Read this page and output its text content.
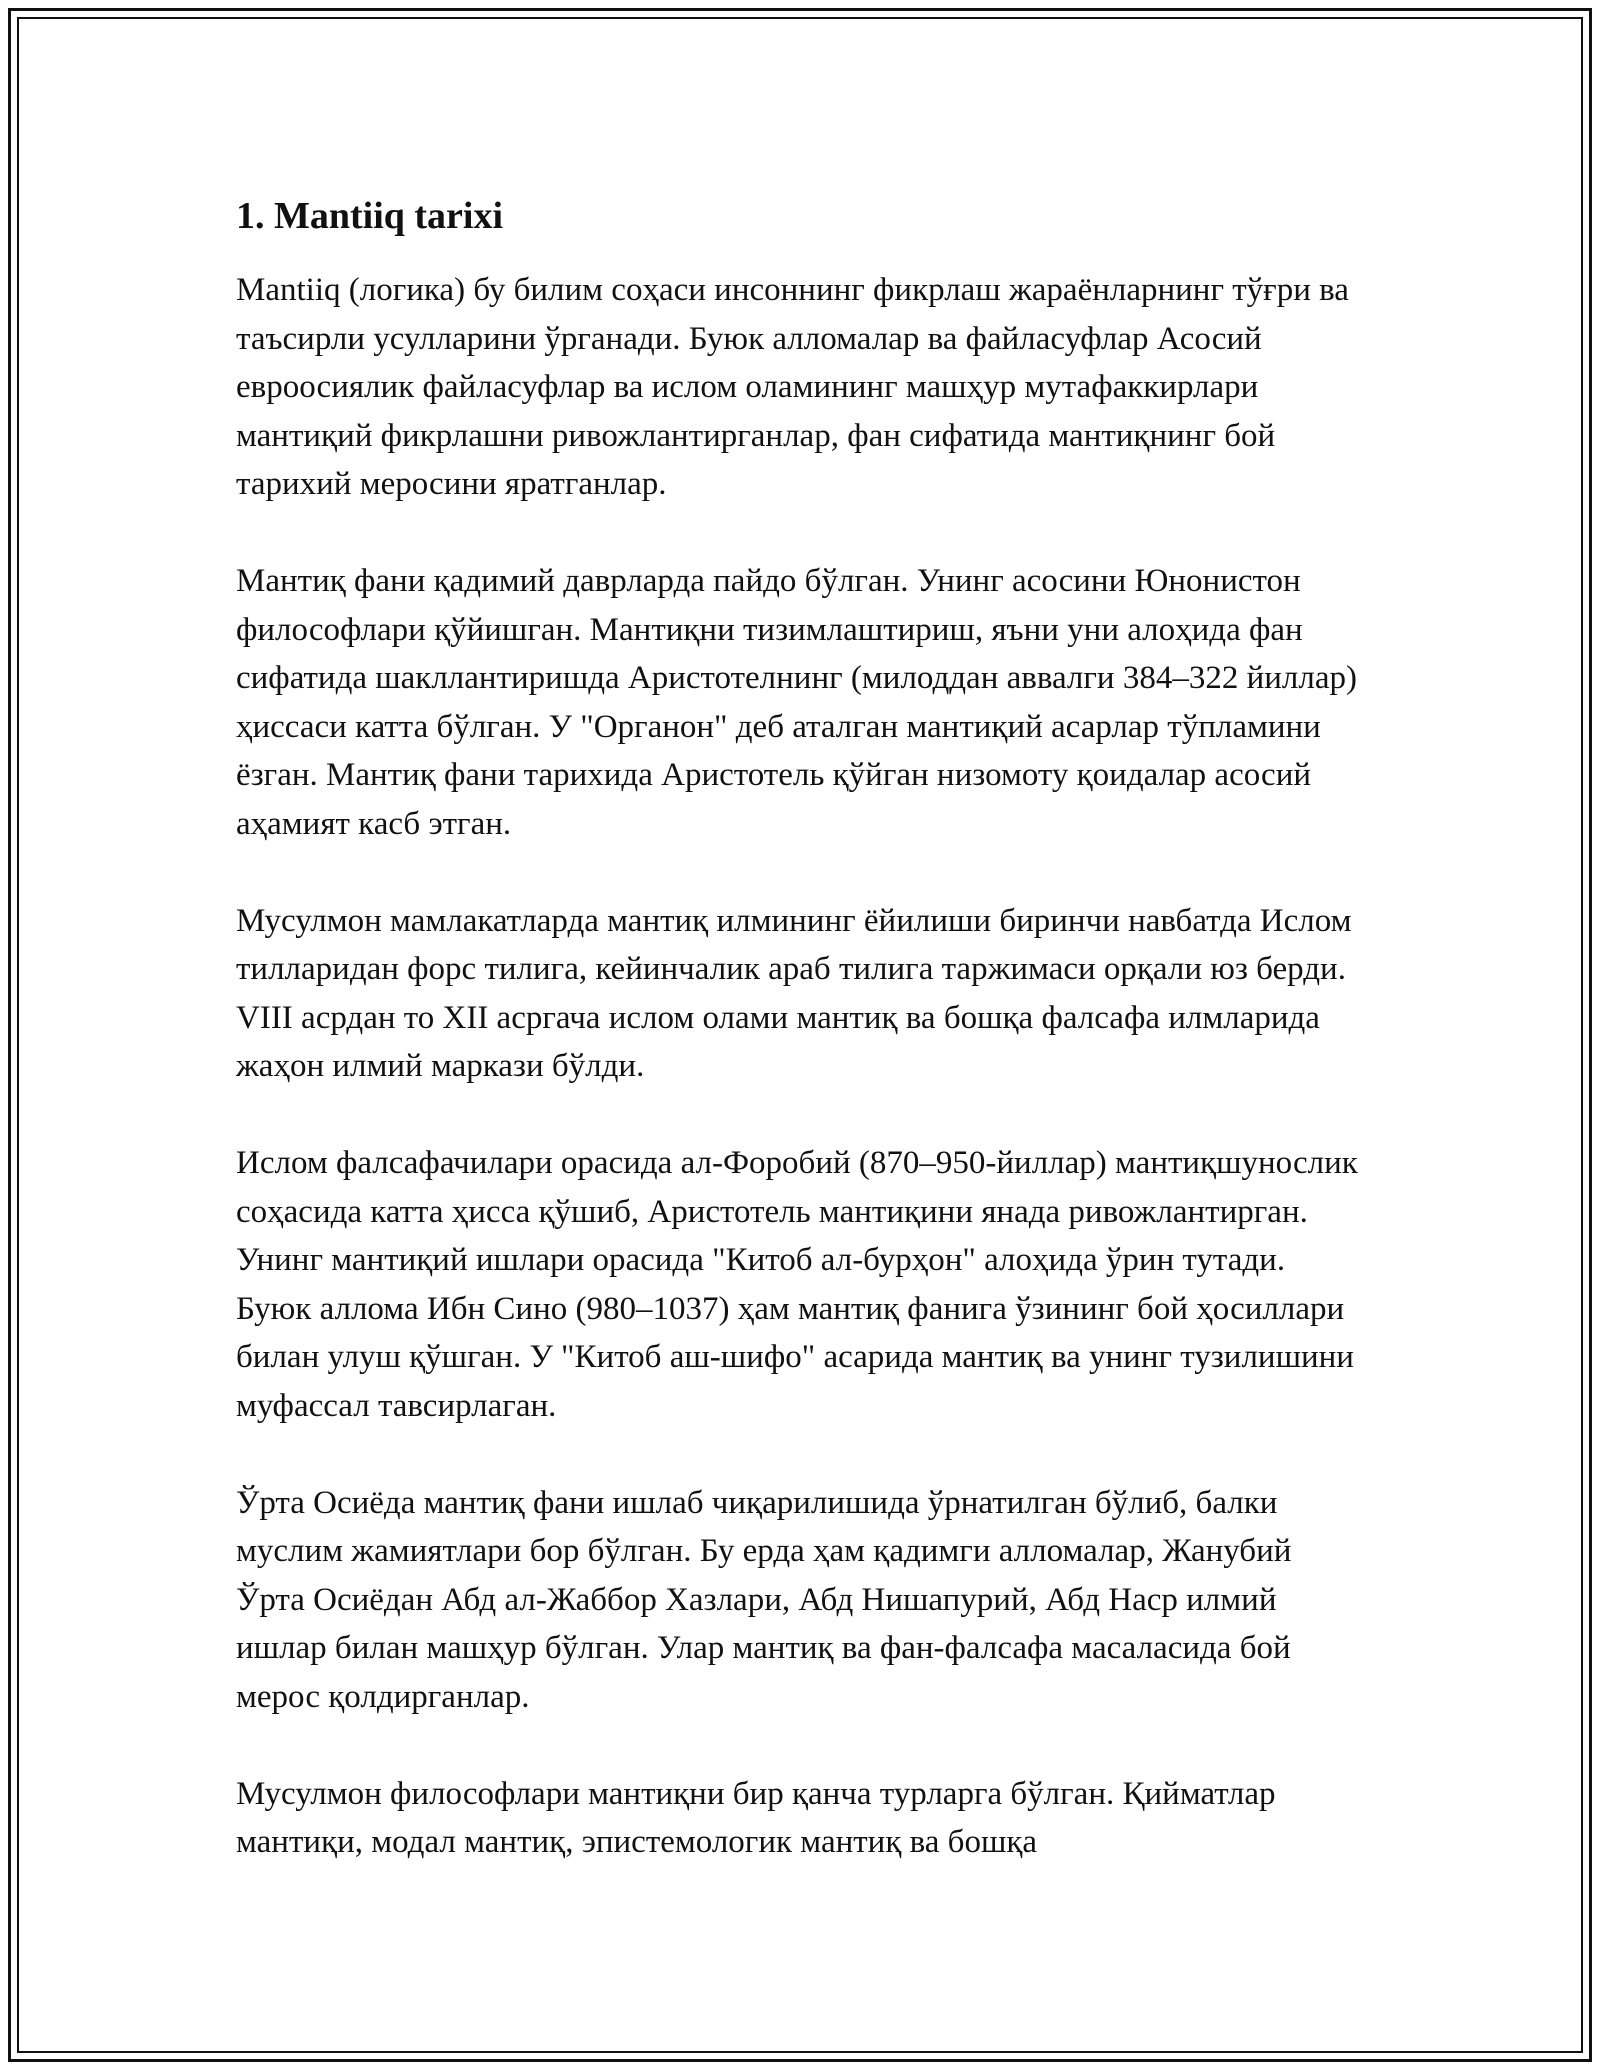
1. Mantiiq tarixi

Mantiiq (логика) бу билим соҳаси инсоннинг фикрлаш жараёнларнинг тўғри ва таъсирли усулларини ўрганади. Буюк алломалар ва файласуфлар Асосий евроосиялик файласуфлар ва ислом оламининг машҳур мутафаккирлари мантиқий фикрлашни ривожлантирганлар, фан сифатида мантиқнинг бой тарихий меросини яратганлар.

Мантиқ фани қадимий даврларда пайдо бўлган. Унинг асосини Юнонистон философлари қўйишган. Мантиқни тизимлаштириш, яъни уни алоҳида фан сифатида шакллантиришда Аристотелнинг (милоддан аввалги 384–322 йиллар) ҳиссаси катта бўлган. У "Органон" деб аталган мантиқий асарлар тўпламини ёзган. Мантиқ фани тарихида Аристотель қўйган низомоту қоидалар асосий аҳамият касб этган.

Мусулмон мамлакатларда мантиқ илмининг ёйилиши биринчи навбатда Ислом тилларидан форс тилига, кейинчалик араб тилига таржимаси орқали юз берди. VIII асрдан то XII асргача ислом олами мантиқ ва бошқа фалсафа илмларида жаҳон илмий маркази бўлди.

Ислом фалсафачилари орасида ал-Форобий (870–950-йиллар) мантиқшунослик соҳасида катта ҳисса қўшиб, Аристотель мантиқини янада ривожлантирган. Унинг мантиқий ишлари орасида "Китоб ал-бурҳон" алоҳида ўрин тутади. Буюк аллома Ибн Сино (980–1037) ҳам мантиқ фанига ўзининг бой ҳосиллари билан улуш қўшган. У "Китоб аш-шифо" асарида мантиқ ва унинг тузилишини муфассал тавсирлаган.

Ўрта Осиёда мантиқ фани ишлаб чиқарилишида ўрнатилган бўлиб, балки муслим жамиятлари бор бўлган. Бу ерда ҳам қадимги алломалар, Жанубий Ўрта Осиёдан Абд ал-Жаббор Хазлари, Абд Нишапурий, Абд Наср илмий ишлар билан машҳур бўлган. Улар мантиқ ва фан-фалсафа масаласида бой мерос қолдирганлар.

Мусулмон философлари мантиқни бир қанча турларга бўлган. Қийматлар мантиқи, модал мантиқ, эпистемологик мантиқ ва бошқа
